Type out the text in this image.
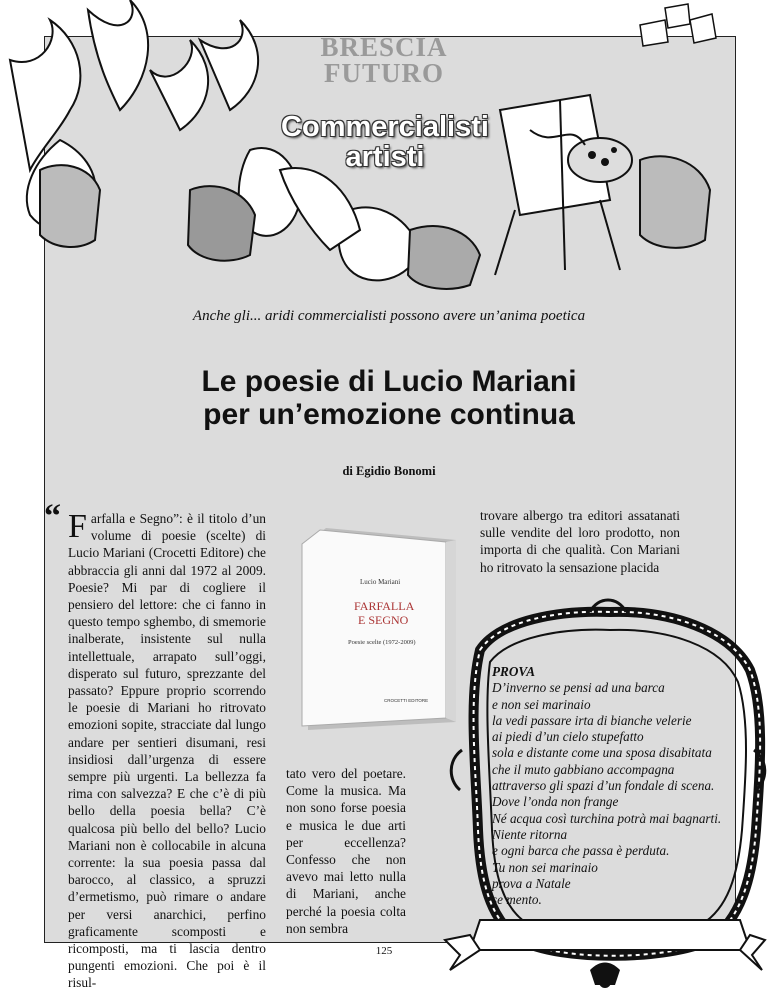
BRESCIA
FUTURO
Commercialisti
artisti
Anche gli... aridi commercialisti possono avere un’anima poetica
Le poesie di Lucio Mariani
per un’emozione continua
di Egidio Bonomi
“ Farfalla e Segno”: è il titolo d’un volume di poesie (scelte) di Lucio Mariani (Crocetti Editore) che abbraccia gli anni dal 1972 al 2009. Poesie? Mi par di cogliere il pensiero del lettore: che ci fanno in questo tempo sghembo, di smemorie inalberate, insistente sul nulla intellettuale, arrapato sull’oggi, disperato sul futuro, sprezzante del passato? Eppure proprio scorrendo le poesie di Mariani ho ritrovato emozioni sopite, stracciate dal lungo andare per sentieri disumani, resi insidiosi dall’urgenza di essere sempre più urgenti. La bellezza fa rima con salvezza? E che c’è di più bello della poesia bella? C’è qualcosa più bello del bello? Lucio Mariani non è collocabile in alcuna corrente: la sua poesia passa dal barocco, al classico, a spruzzi d’ermetismo, può rimare o andare per versi anarchici, perfino graficamente scomposti e ricomposti, ma ti lascia dentro pungenti emozioni. Che poi è il risul-
Lucio Mariani
FARFALLA
E SEGNO
Poesie scelte (1972-2009)
CROCETTI EDITORE
tato vero del poetare. Come la musica. Ma non sono forse poesia e musica le due arti per eccellenza? Confesso che non avevo mai letto nulla di Mariani, anche perché la poesia colta non sembra
trovare albergo tra editori assatanati sulle vendite del loro prodotto, non importa di che qualità. Con Mariani ho ritrovato la sensazione placida
PROVA
D’inverno se pensi ad una barca
e non sei marinaio
la vedi passare irta di bianche velerie
ai piedi d’un cielo stupefatto
sola e distante come una sposa disabitata
che il muto gabbiano accompagna
attraverso gli spazi d’un fondale di scena.
Dove l’onda non frange
Né acqua così turchina potrà mai bagnarti.
Niente ritorna
e ogni barca che passa è perduta.
Tu non sei marinaio
prova a Natale
se mento.
125
